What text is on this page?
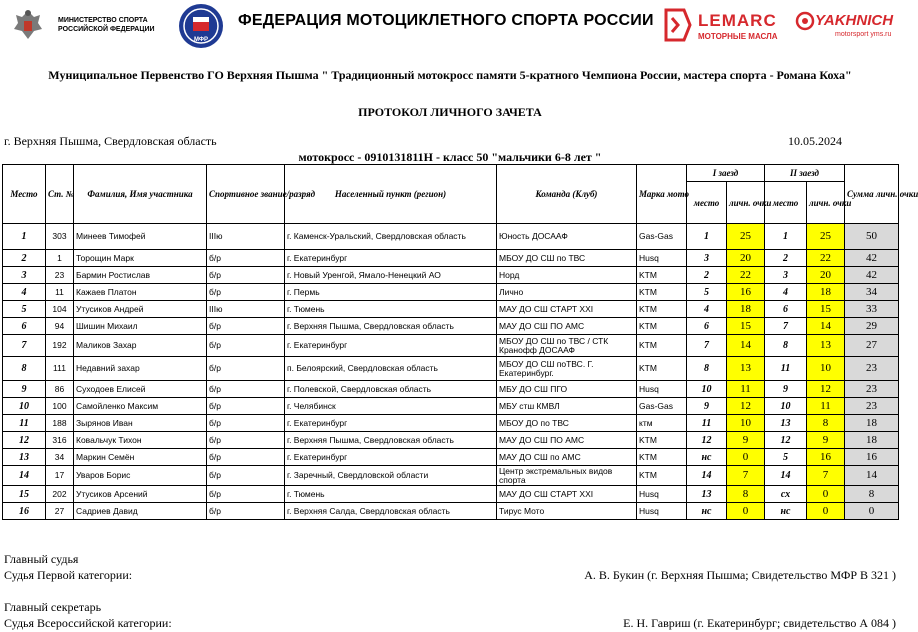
МИНИСТЕРСТВО СПОРТА РОССИЙСКОЙ ФЕДЕРАЦИИ
МФР
ФЕДЕРАЦИЯ МОТОЦИКЛЕТНОГО СПОРТА РОССИИ	LEMARC
МОТОРНЫЕ МАСЛА
YAKHNICH
motorsport yms.ru
Муниципальное Первенство ГО Верхняя Пышма " Традиционный мотокросс памяти 5-кратного Чемпиона России, мастера спорта - Романа Коха"
ПРОТОКОЛ ЛИЧНОГО ЗАЧЕТА
г. Верхняя Пышма, Свердловская область	10.05.2024
мотокросс - 0910131811Н - класс 50 "мальчики 6-8 лет "
Место	Ст. №	Фамилия, Имя участника	Спортивное звание/разряд	Населенный пункт (регион)	Команда (Клуб)	Марка мото	I заезд		II заезд		Сумма личн. очки
							место	личн. очки	место	личн. очки	
1	303	Минеев Тимофей	IIIю	г. Каменск-Уральский, Свердловская область	Юность ДОСААФ	Gas-Gas	1	25	1	25	50
2	1	Торощин Марк	б/р	г. Екатеринбург	МБОУ ДО СШ по ТВС	Husq	3	20	2	22	42
3	23	Бармин Ростислав	б/р	г. Новый Уренгой, Ямало-Ненецкий АО	Норд	KTM	2	22	3	20	42
4	11	Кажаев Платон	б/р	г. Пермь	Лично	KTM	5	16	4	18	34
5	104	Утусиков Андрей	IIIю	г. Тюмень	МАУ ДО СШ СТАРТ XXI	KTM	4	18	6	15	33
6	94	Шишин Михаил	б/р	г. Верхняя Пышма, Свердловская область	МАУ ДО СШ ПО АМС	KTM	6	15	7	14	29
7	192	Маликов Захар	б/р	г. Екатеринбург	МБОУ ДО СШ по ТВС / СТК Кранофф ДОСААФ	KTM	7	14	8	13	27
8	111	Недавний захар	б/р	п. Белоярский, Свердловская область	МБОУ ДО СШ поТВС. Г. Екатеринбург.	KTM	8	13	11	10	23
9	86	Суходоев Елисей	б/р	г. Полевской, Свердловская область	МБУ ДО СШ ПГО	Husq	10	11	9	12	23
10	100	Самойленко Максим	б/р	г. Челябинск	МБУ стш КМВЛ	Gas-Gas	9	12	10	11	23
11	188	Зырянов Иван	б/р	г. Екатеринбург	МБОУ ДО по ТВС	ктм	11	10	13	8	18
12	316	Ковальчук Тихон	б/р	г. Верхняя Пышма, Свердловская область	МАУ ДО СШ ПО АМС	KTM	12	9	12	9	18
13	34	Маркин Семён	б/р	г. Екатеринбург	МАУ ДО СШ по АМС	KTM	нс	0	5	16	16
14	17	Уваров Борис	б/р	г. Заречный, Свердловской области	Центр экстремальных видов спорта	KTM	14	7	14	7	14
15	202	Утусиков Арсений	б/р	г. Тюмень	МАУ ДО СШ СТАРТ XXI	Husq	13	8	сх	0	8
16	27	Садриев Давид	б/р	г. Верхняя Салда, Свердловская область	Тирус Мото	Husq	нс	0	нс	0	0
Главный судья
Судья Первой категории:	А. В. Букин (г. Верхняя Пышма; Свидетельство МФР В 321 )
Главный секретарь
Судья Всероссийской категории:	Е. Н. Гавриш (г. Екатеринбург; свидетельство А 084 )
